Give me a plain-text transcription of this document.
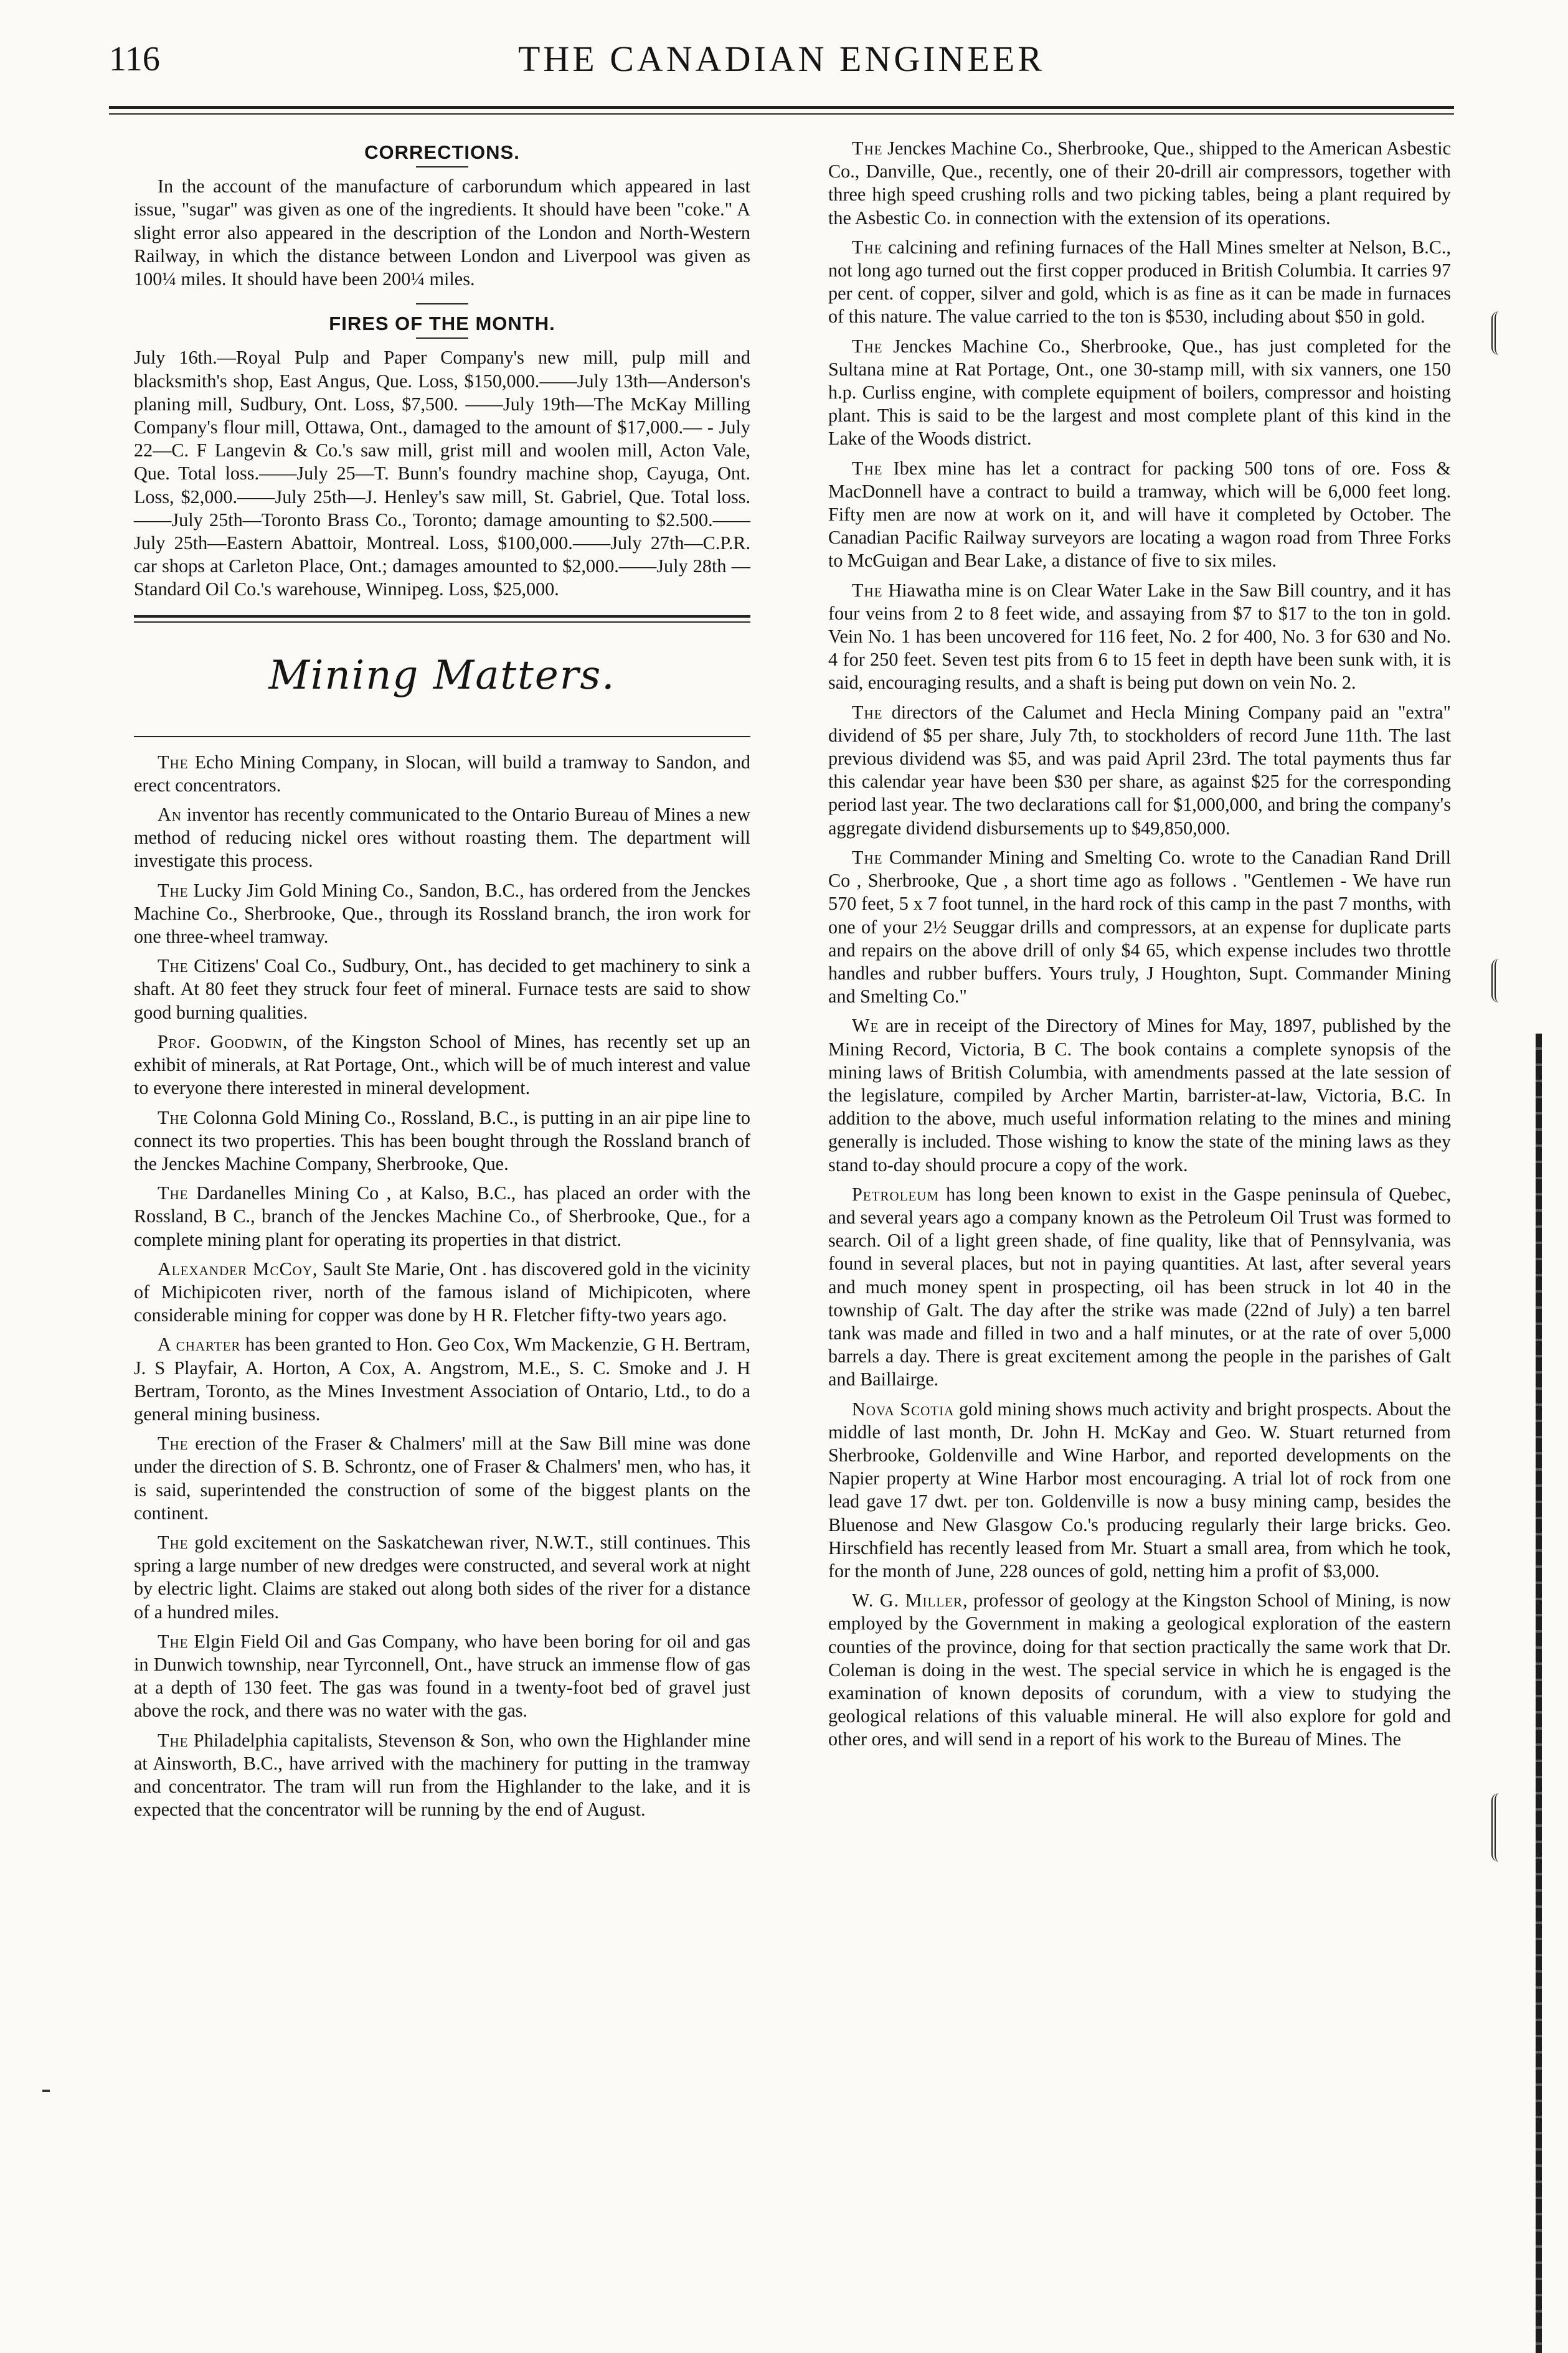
116	THE CANADIAN ENGINEER
CORRECTIONS.

In the account of the manufacture of carborundum which appeared in last issue, "sugar" was given as one of the ingredients. It should have been "coke." A slight error also appeared in the description of the London and North-Western Railway, in which the distance between London and Liverpool was given as 100¼ miles. It should have been 200¼ miles.

FIRES OF THE MONTH.

July 16th.—Royal Pulp and Paper Company's new mill, pulp mill and blacksmith's shop, East Angus, Que. Loss, $150,000.——July 13th—Anderson's planing mill, Sudbury, Ont. Loss, $7,500. ——July 19th—The McKay Milling Company's flour mill, Ottawa, Ont., damaged to the amount of $17,000.— - July 22—C. F Langevin & Co.'s saw mill, grist mill and woolen mill, Acton Vale, Que. Total loss.——July 25—T. Bunn's foundry machine shop, Cayuga, Ont. Loss, $2,000.——July 25th—J. Henley's saw mill, St. Gabriel, Que. Total loss.——July 25th—Toronto Brass Co., Toronto; damage amounting to $2.500.——July 25th—Eastern Abattoir, Montreal. Loss, $100,000.——July 27th—C.P.R. car shops at Carleton Place, Ont.; damages amounted to $2,000.——July 28th —Standard Oil Co.'s warehouse, Winnipeg. Loss, $25,000.

Mining Matters.

The Echo Mining Company, in Slocan, will build a tramway to Sandon, and erect concentrators.

An inventor has recently communicated to the Ontario Bureau of Mines a new method of reducing nickel ores without roasting them. The department will investigate this process.

The Lucky Jim Gold Mining Co., Sandon, B.C., has ordered from the Jenckes Machine Co., Sherbrooke, Que., through its Rossland branch, the iron work for one three-wheel tramway.

The Citizens' Coal Co., Sudbury, Ont., has decided to get machinery to sink a shaft. At 80 feet they struck four feet of mineral. Furnace tests are said to show good burning qualities.

Prof. Goodwin, of the Kingston School of Mines, has recently set up an exhibit of minerals, at Rat Portage, Ont., which will be of much interest and value to everyone there interested in mineral development.

The Colonna Gold Mining Co., Rossland, B.C., is putting in an air pipe line to connect its two properties. This has been bought through the Rossland branch of the Jenckes Machine Company, Sherbrooke, Que.

The Dardanelles Mining Co , at Kalso, B.C., has placed an order with the Rossland, B C., branch of the Jenckes Machine Co., of Sherbrooke, Que., for a complete mining plant for operating its properties in that district.

Alexander McCoy, Sault Ste Marie, Ont . has discovered gold in the vicinity of Michipicoten river, north of the famous island of Michipicoten, where considerable mining for copper was done by H R. Fletcher fifty-two years ago.

A charter has been granted to Hon. Geo Cox, Wm Mackenzie, G H. Bertram, J. S Playfair, A. Horton, A Cox, A. Angstrom, M.E., S. C. Smoke and J. H Bertram, Toronto, as the Mines Investment Association of Ontario, Ltd., to do a general mining business.

The erection of the Fraser & Chalmers' mill at the Saw Bill mine was done under the direction of S. B. Schrontz, one of Fraser & Chalmers' men, who has, it is said, superintended the construction of some of the biggest plants on the continent.

The gold excitement on the Saskatchewan river, N.W.T., still continues. This spring a large number of new dredges were constructed, and several work at night by electric light. Claims are staked out along both sides of the river for a distance of a hundred miles.

The Elgin Field Oil and Gas Company, who have been boring for oil and gas in Dunwich township, near Tyrconnell, Ont., have struck an immense flow of gas at a depth of 130 feet. The gas was found in a twenty-foot bed of gravel just above the rock, and there was no water with the gas.

The Philadelphia capitalists, Stevenson & Son, who own the Highlander mine at Ainsworth, B.C., have arrived with the machinery for putting in the tramway and concentrator. The tram will run from the Highlander to the lake, and it is expected that the concentrator will be running by the end of August.

The Jenckes Machine Co., Sherbrooke, Que., shipped to the American Asbestic Co., Danville, Que., recently, one of their 20-drill air compressors, together with three high speed crushing rolls and two picking tables, being a plant required by the Asbestic Co. in connection with the extension of its operations.

The calcining and refining furnaces of the Hall Mines smelter at Nelson, B.C., not long ago turned out the first copper produced in British Columbia. It carries 97 per cent. of copper, silver and gold, which is as fine as it can be made in furnaces of this nature. The value carried to the ton is $530, including about $50 in gold.

The Jenckes Machine Co., Sherbrooke, Que., has just completed for the Sultana mine at Rat Portage, Ont., one 30-stamp mill, with six vanners, one 150 h.p. Curliss engine, with complete equipment of boilers, compressor and hoisting plant. This is said to be the largest and most complete plant of this kind in the Lake of the Woods district.

The Ibex mine has let a contract for packing 500 tons of ore. Foss & MacDonnell have a contract to build a tramway, which will be 6,000 feet long. Fifty men are now at work on it, and will have it completed by October. The Canadian Pacific Railway surveyors are locating a wagon road from Three Forks to McGuigan and Bear Lake, a distance of five to six miles.

The Hiawatha mine is on Clear Water Lake in the Saw Bill country, and it has four veins from 2 to 8 feet wide, and assaying from $7 to $17 to the ton in gold. Vein No. 1 has been uncovered for 116 feet, No. 2 for 400, No. 3 for 630 and No. 4 for 250 feet. Seven test pits from 6 to 15 feet in depth have been sunk with, it is said, encouraging results, and a shaft is being put down on vein No. 2.

The directors of the Calumet and Hecla Mining Company paid an "extra" dividend of $5 per share, July 7th, to stockholders of record June 11th. The last previous dividend was $5, and was paid April 23rd. The total payments thus far this calendar year have been $30 per share, as against $25 for the corresponding period last year. The two declarations call for $1,000,000, and bring the company's aggregate dividend disbursements up to $49,850,000.

The Commander Mining and Smelting Co. wrote to the Canadian Rand Drill Co , Sherbrooke, Que , a short time ago as follows . "Gentlemen - We have run 570 feet, 5 x 7 foot tunnel, in the hard rock of this camp in the past 7 months, with one of your 2½ Seuggar drills and compressors, at an expense for duplicate parts and repairs on the above drill of only $4 65, which expense includes two throttle handles and rubber buffers. Yours truly, J Houghton, Supt. Commander Mining and Smelting Co."

We are in receipt of the Directory of Mines for May, 1897, published by the Mining Record, Victoria, B C. The book contains a complete synopsis of the mining laws of British Columbia, with amendments passed at the late session of the legislature, compiled by Archer Martin, barrister-at-law, Victoria, B.C. In addition to the above, much useful information relating to the mines and mining generally is included. Those wishing to know the state of the mining laws as they stand to-day should procure a copy of the work.

Petroleum has long been known to exist in the Gaspe peninsula of Quebec, and several years ago a company known as the Petroleum Oil Trust was formed to search. Oil of a light green shade, of fine quality, like that of Pennsylvania, was found in several places, but not in paying quantities. At last, after several years and much money spent in prospecting, oil has been struck in lot 40 in the township of Galt. The day after the strike was made (22nd of July) a ten barrel tank was made and filled in two and a half minutes, or at the rate of over 5,000 barrels a day. There is great excitement among the people in the parishes of Galt and Baillairge.

Nova Scotia gold mining shows much activity and bright prospects. About the middle of last month, Dr. John H. McKay and Geo. W. Stuart returned from Sherbrooke, Goldenville and Wine Harbor, and reported developments on the Napier property at Wine Harbor most encouraging. A trial lot of rock from one lead gave 17 dwt. per ton. Goldenville is now a busy mining camp, besides the Bluenose and New Glasgow Co.'s producing regularly their large bricks. Geo. Hirschfield has recently leased from Mr. Stuart a small area, from which he took, for the month of June, 228 ounces of gold, netting him a profit of $3,000.

W. G. Miller, professor of geology at the Kingston School of Mining, is now employed by the Government in making a geological exploration of the eastern counties of the province, doing for that section practically the same work that Dr. Coleman is doing in the west. The special service in which he is engaged is the examination of known deposits of corundum, with a view to studying the geological relations of this valuable mineral. He will also explore for gold and other ores, and will send in a report of his work to the Bureau of Mines. The
